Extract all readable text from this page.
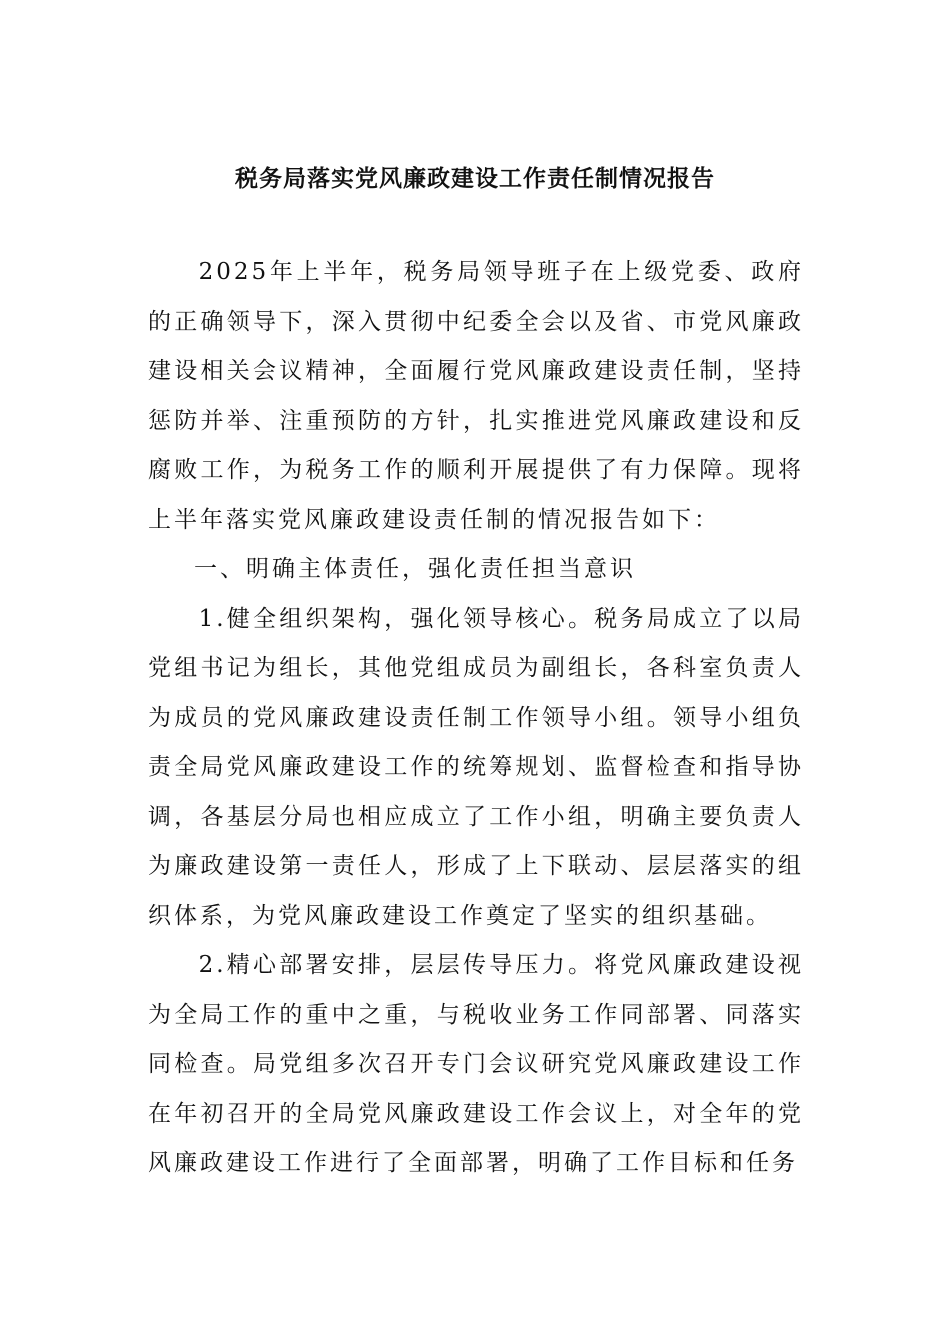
税务局落实党风廉政建设工作责任制情况报告

2025年上半年，税务局领导班子在上级党委、政府的正确领导下，深入贯彻中纪委全会以及省、市党风廉政建设相关会议精神，全面履行党风廉政建设责任制，坚持惩防并举、注重预防的方针，扎实推进党风廉政建设和反腐败工作，为税务工作的顺利开展提供了有力保障。现将上半年落实党风廉政建设责任制的情况报告如下：

一、明确主体责任，强化责任担当意识

1.健全组织架构，强化领导核心。税务局成立了以局党组书记为组长，其他党组成员为副组长，各科室负责人为成员的党风廉政建设责任制工作领导小组。领导小组负责全局党风廉政建设工作的统筹规划、监督检查和指导协调，各基层分局也相应成立了工作小组，明确主要负责人为廉政建设第一责任人，形成了上下联动、层层落实的组织体系，为党风廉政建设工作奠定了坚实的组织基础。

2.精心部署安排，层层传导压力。将党风廉政建设视为全局工作的重中之重，与税收业务工作同部署、同落实同检查。局党组多次召开专门会议研究党风廉政建设工作在年初召开的全局党风廉政建设工作会议上，对全年的党风廉政建设工作进行了全面部署，明确了工作目标和任务
